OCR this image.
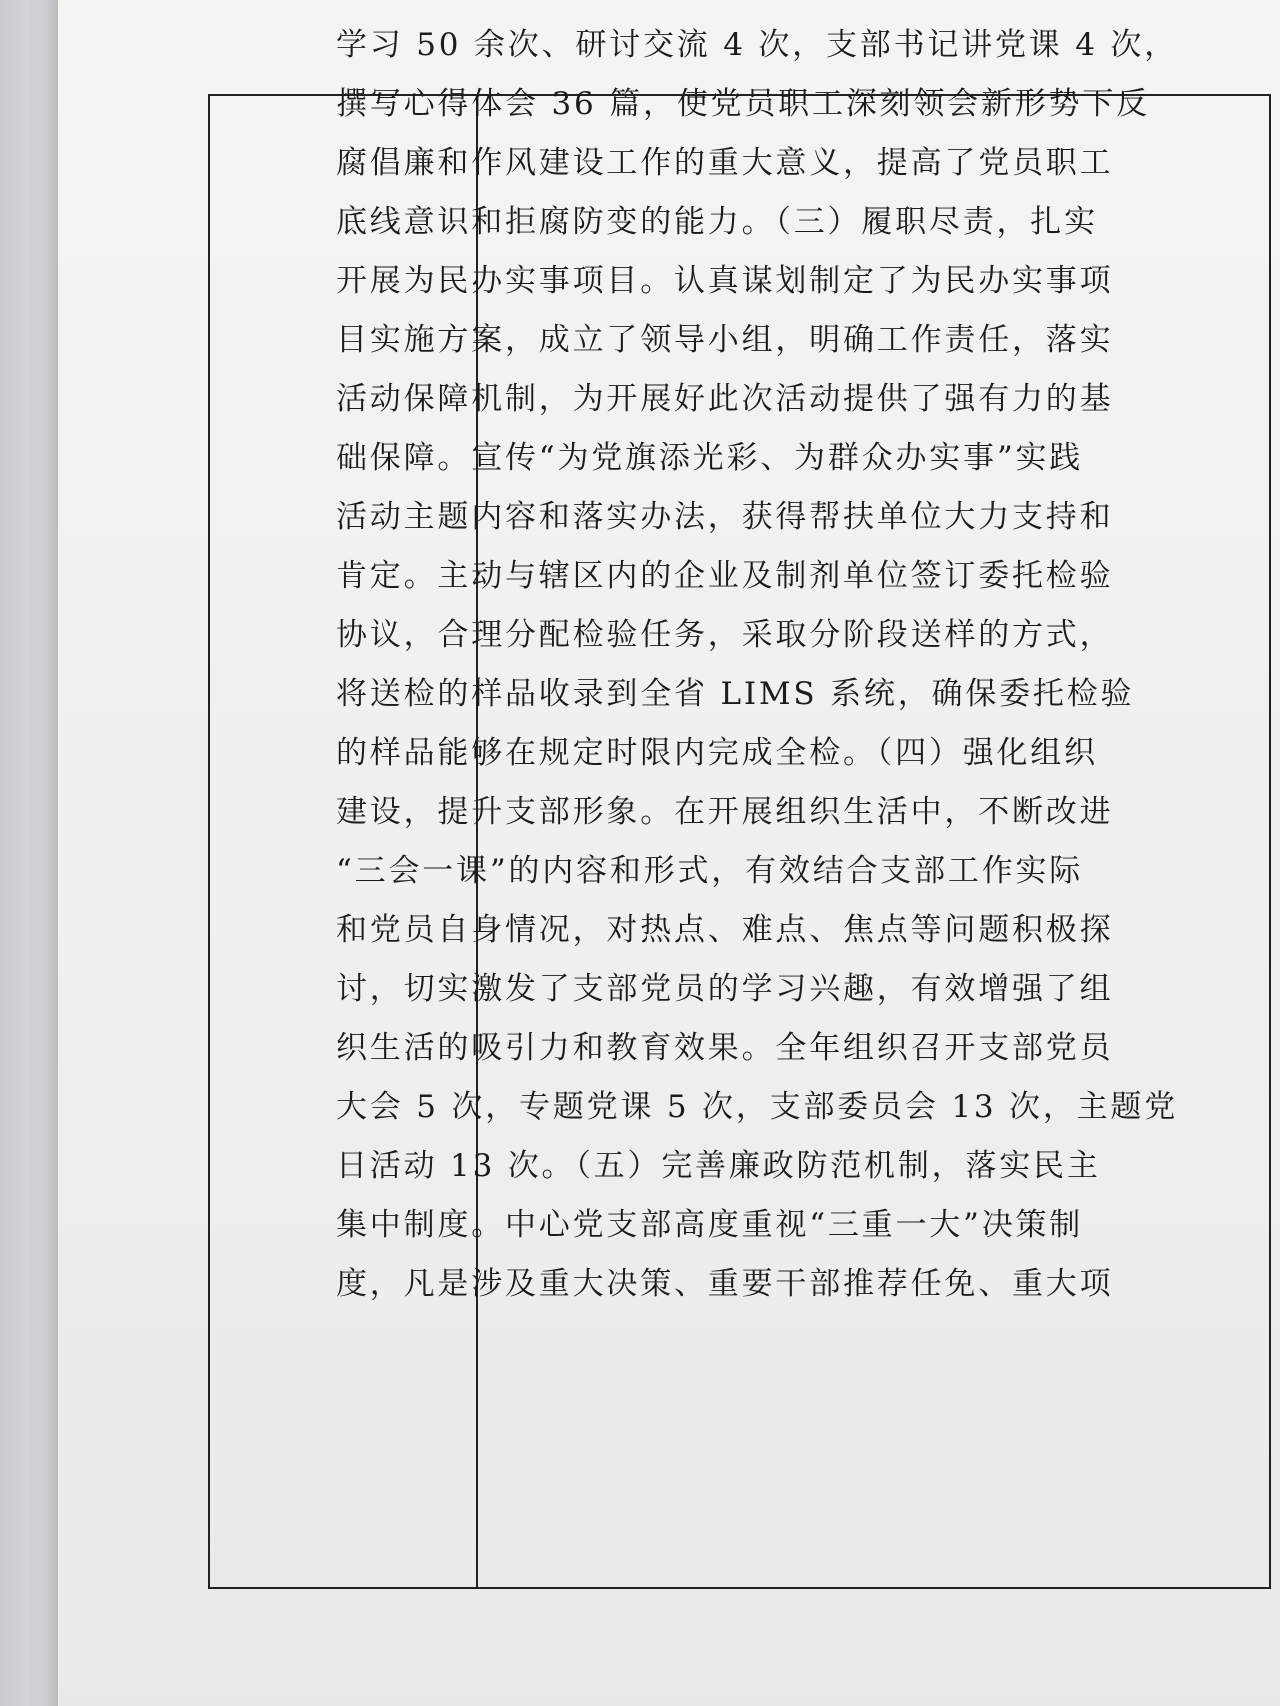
学习 50 余次、研讨交流 4 次，支部书记讲党课 4 次，
撰写心得体会 36 篇，使党员职工深刻领会新形势下反
腐倡廉和作风建设工作的重大意义，提高了党员职工
底线意识和拒腐防变的能力。（三）履职尽责，扎实
开展为民办实事项目。认真谋划制定了为民办实事项
目实施方案，成立了领导小组，明确工作责任，落实
活动保障机制，为开展好此次活动提供了强有力的基
础保障。宣传“为党旗添光彩、为群众办实事”实践
活动主题内容和落实办法，获得帮扶单位大力支持和
肯定。主动与辖区内的企业及制剂单位签订委托检验
协议，合理分配检验任务，采取分阶段送样的方式，
将送检的样品收录到全省 LIMS 系统，确保委托检验
的样品能够在规定时限内完成全检。（四）强化组织
建设，提升支部形象。在开展组织生活中，不断改进
“三会一课”的内容和形式，有效结合支部工作实际
和党员自身情况，对热点、难点、焦点等问题积极探
讨，切实激发了支部党员的学习兴趣，有效增强了组
织生活的吸引力和教育效果。全年组织召开支部党员
大会 5 次，专题党课 5 次，支部委员会 13 次，主题党
日活动 13 次。（五）完善廉政防范机制，落实民主
集中制度。中心党支部高度重视“三重一大”决策制
度，凡是涉及重大决策、重要干部推荐任免、重大项
